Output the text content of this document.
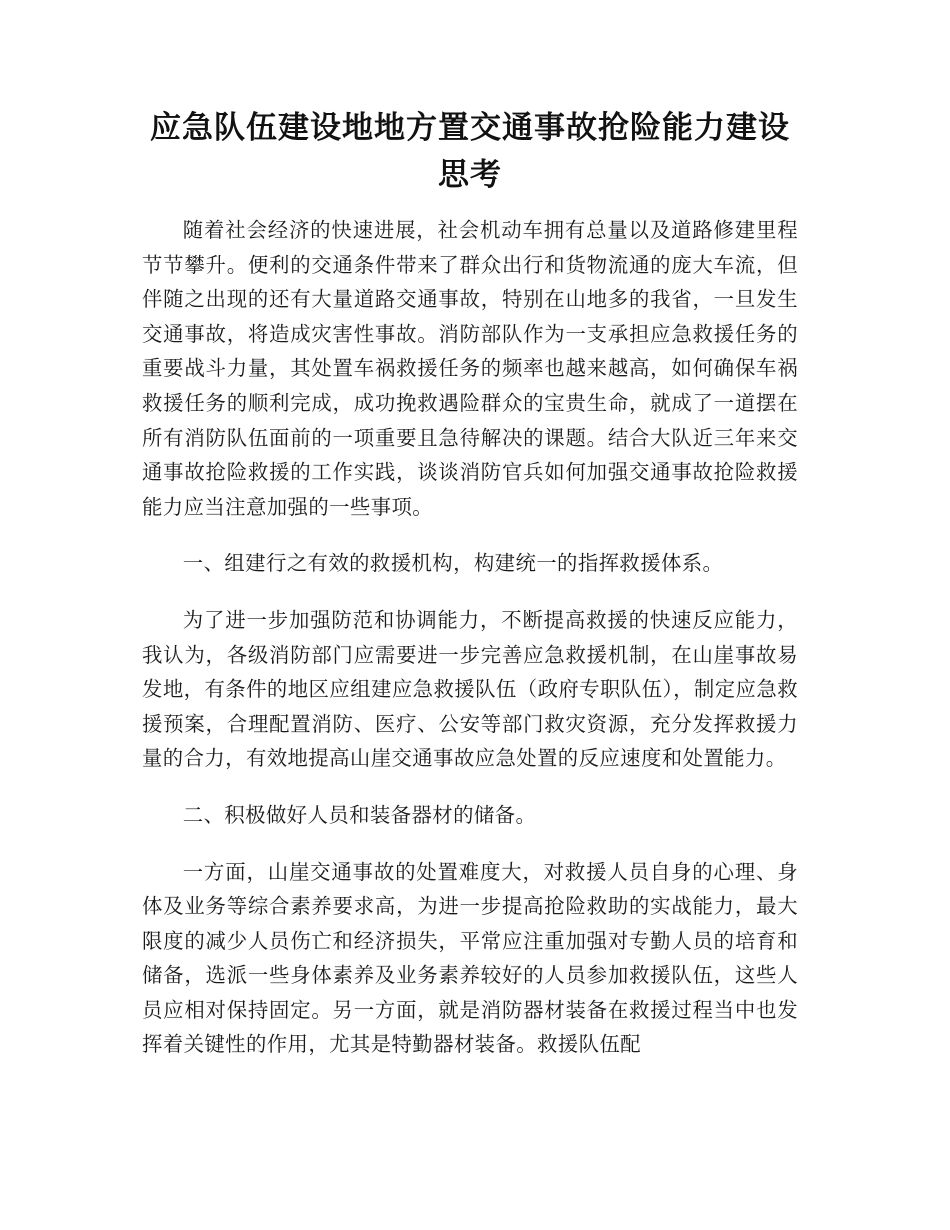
应急队伍建设地地方置交通事故抢险能力建设思考

随着社会经济的快速进展，社会机动车拥有总量以及道路修建里程节节攀升。便利的交通条件带来了群众出行和货物流通的庞大车流，但伴随之出现的还有大量道路交通事故，特别在山地多的我省，一旦发生交通事故，将造成灾害性事故。消防部队作为一支承担应急救援任务的重要战斗力量，其处置车祸救援任务的频率也越来越高，如何确保车祸救援任务的顺利完成，成功挽救遇险群众的宝贵生命，就成了一道摆在所有消防队伍面前的一项重要且急待解决的课题。结合大队近三年来交通事故抢险救援的工作实践，谈谈消防官兵如何加强交通事故抢险救援能力应当注意加强的一些事项。

一、组建行之有效的救援机构，构建统一的指挥救援体系。

为了进一步加强防范和协调能力，不断提高救援的快速反应能力，我认为，各级消防部门应需要进一步完善应急救援机制，在山崖事故易发地，有条件的地区应组建应急救援队伍（政府专职队伍），制定应急救援预案，合理配置消防、医疗、公安等部门救灾资源，充分发挥救援力量的合力，有效地提高山崖交通事故应急处置的反应速度和处置能力。

二、积极做好人员和装备器材的储备。

一方面，山崖交通事故的处置难度大，对救援人员自身的心理、身体及业务等综合素养要求高，为进一步提高抢险救助的实战能力，最大限度的减少人员伤亡和经济损失，平常应注重加强对专勤人员的培育和储备，选派一些身体素养及业务素养较好的人员参加救援队伍，这些人员应相对保持固定。另一方面，就是消防器材装备在救援过程当中也发挥着关键性的作用，尤其是特勤器材装备。救援队伍配
